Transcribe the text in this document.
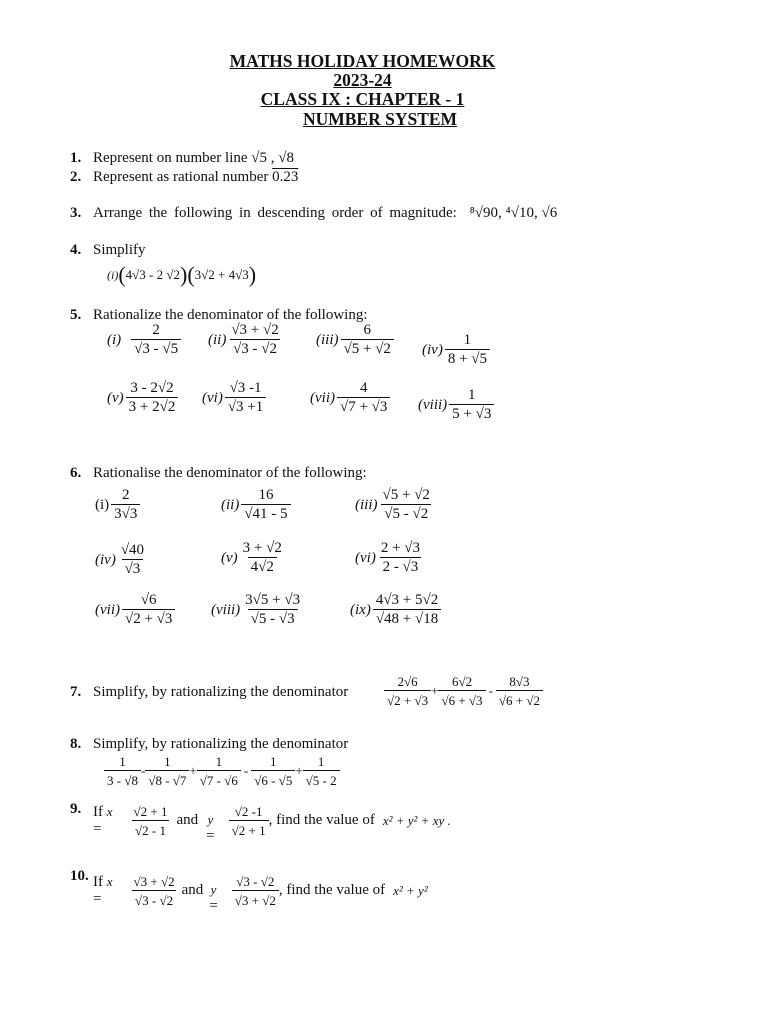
MATHS HOLIDAY HOMEWORK
2023-24
CLASS IX : CHAPTER - 1
NUMBER SYSTEM
1. Represent on number line √5 , √8
2. Represent as rational number 0.23
3. Arrange the following in descending order of magnitude: ⁸√90, ⁴√10, √6
4. Simplify
(i) ( 4√3 - 2 √2 )( 3√2 + 4√3 )
5. Rationalize the denominator of the following:
$(i) \frac{2}{√3 - √5} (ii) \frac{√3 + √2}{√3 - √2} (iii) \frac{6}{√5 + √2} (iv) \frac{1}{8 + √5}$
$(v) \frac{3 - 2√2}{3 + 2√2} (vi) \frac{√3 -1}{√3 +1}$	$(vii) \frac{4}{√7 + √3}$ (viii) $\frac{1}{5 + √3}$
6. Rationalise the denominator of the following:
$(i) \frac{2}{3√3}$	$(ii) \frac{16}{√41 - 5}$	$(iii) \frac{√5 + √2}{√5 - √2}$
$(iv) \frac{√40}{√3}$	$(v) \frac{3 + √2}{4√2}$	$(vi) \frac{2 + √3}{2 - √3}$
$(vii) \frac{√6}{√2 + √3}$ (viii) $\frac{3√5 + √3}{√5 - √3}$	$(ix) \frac{4√3 + 5√2}{√48 + √18}$
7. Simplify, by rationalizing the denominator	$\frac{2√6}{√2 + √3} + \frac{6√2}{√6 + √3} - \frac{8√3}{√6 + √2}$
8. Simplify, by rationalizing the denominator
$\frac{1}{3 - √8} - \frac{1}{√8 - √7} + \frac{1}{√7 - √6} - \frac{1}{√6 - √5} + \frac{1}{√5 - 2}$
9. If x
= $\frac{√2 + 1}{√2 - 1}$ and y
= $\frac{√2 -1}{√2 + 1}$ , find the value of x² + y² + xy .
10. If x
= $\frac{√3 + √2}{√3 - √2}$ and y
= $\frac{√3 - √2}{√3 + √2}$ , find the value of x² + y²
